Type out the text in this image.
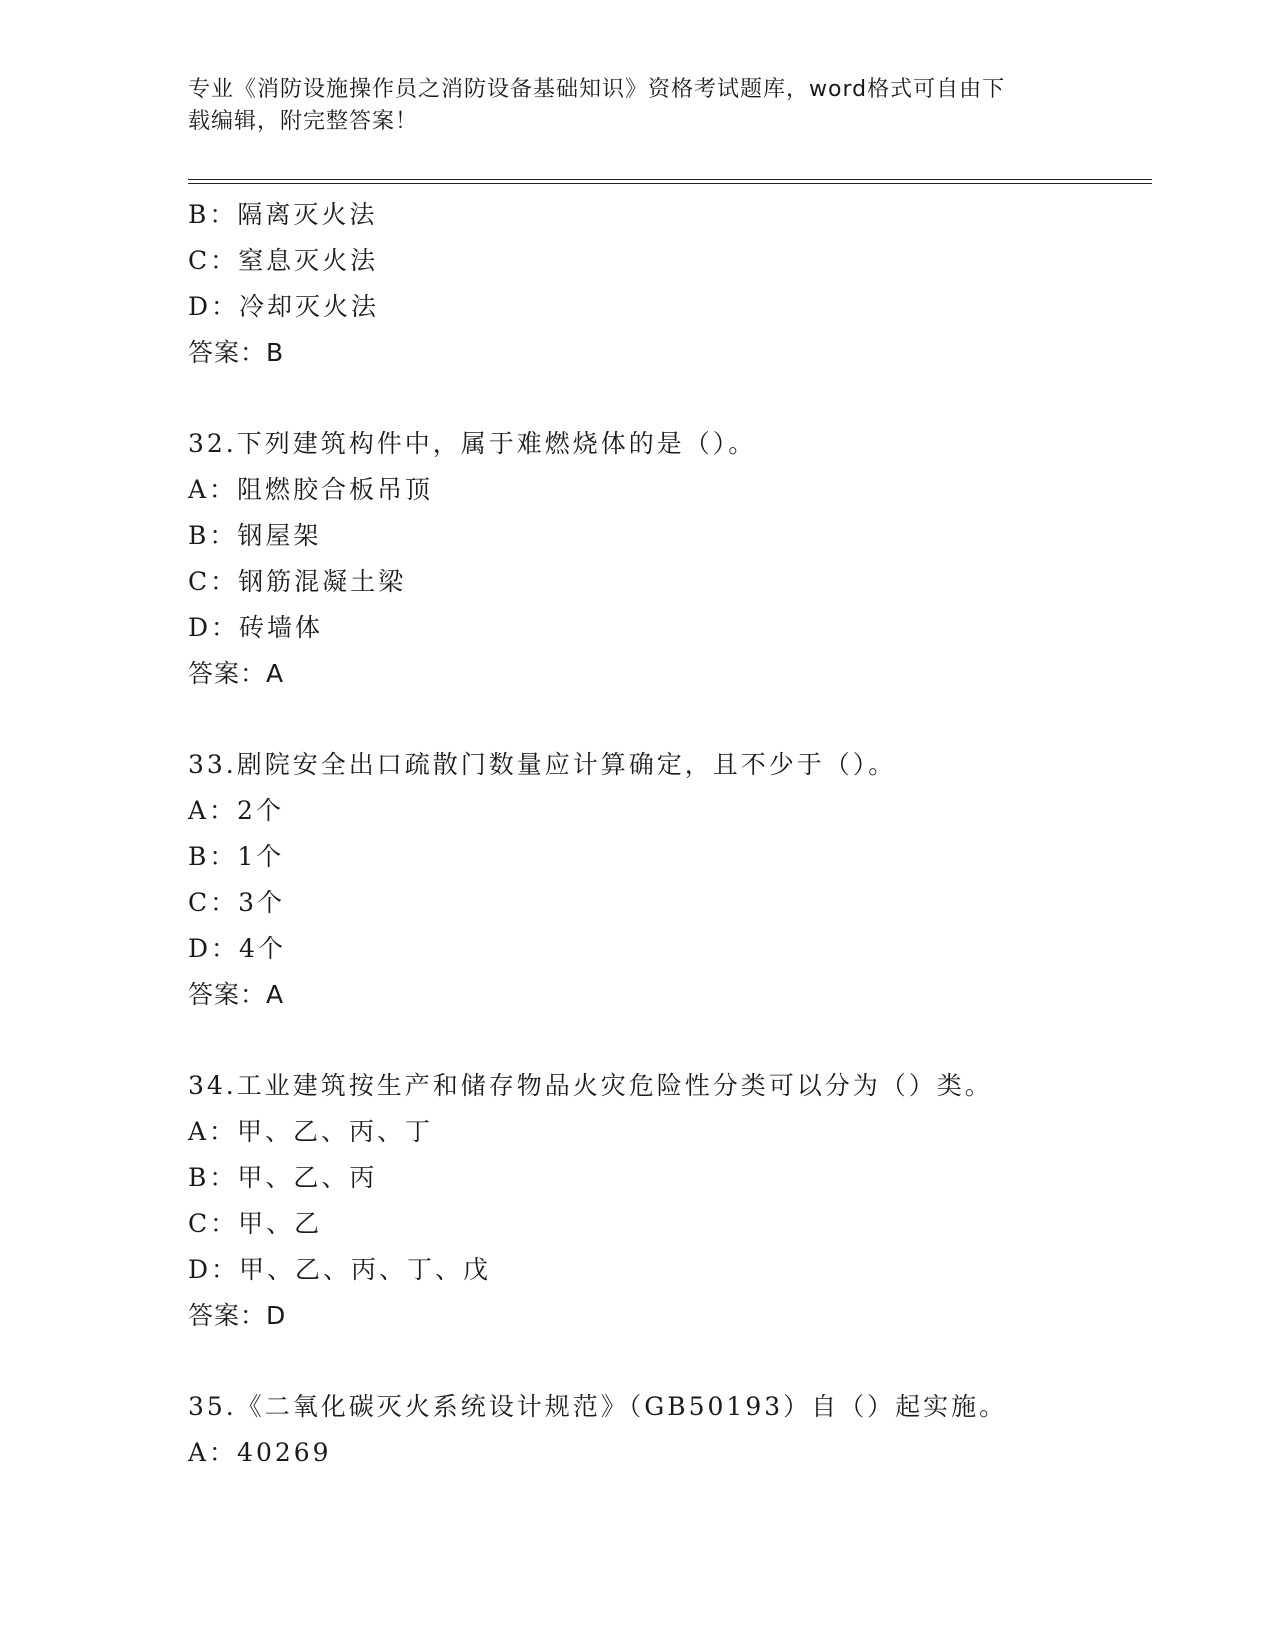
专业《消防设施操作员之消防设备基础知识》资格考试题库，word格式可自由下
载编辑，附完整答案！
B：隔离灭火法
C：窒息灭火法
D：冷却灭火法
答案：B
32.下列建筑构件中，属于难燃烧体的是（）。
A：阻燃胶合板吊顶
B：钢屋架
C：钢筋混凝土梁
D：砖墙体
答案：A
33.剧院安全出口疏散门数量应计算确定，且不少于（）。
A：2个
B：1个
C：3个
D：4个
答案：A
34.工业建筑按生产和储存物品火灾危险性分类可以分为（）类。
A：甲、乙、丙、丁
B：甲、乙、丙
C：甲、乙
D：甲、乙、丙、丁、戊
答案：D
35.《二氧化碳灭火系统设计规范》（GB50193）自（）起实施。
A：40269
